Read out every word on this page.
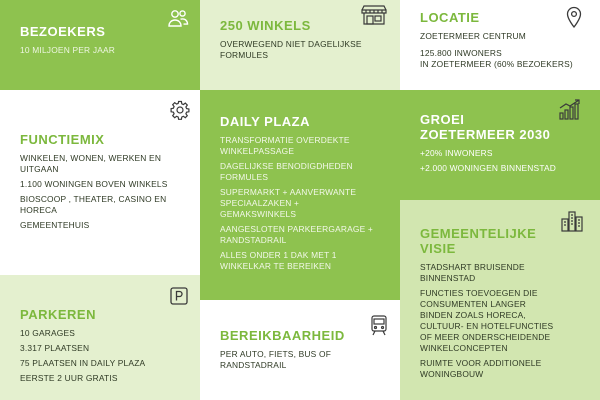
BEZOEKERS
10 MILJOEN PER JAAR
250 WINKELS
OVERWEGEND NIET DAGELIJKSE
FORMULES
LOCATIE
ZOETERMEER CENTRUM
125.800 INWONERS
IN ZOETERMEER (60% BEZOEKERS)
FUNCTIEMIX
WINKELEN, WONEN, WERKEN EN
UITGAAN
1.100 WONINGEN BOVEN WINKELS
BIOSCOOP , THEATER, CASINO EN
HORECA
GEMEENTEHUIS
DAILY PLAZA
TRANSFORMATIE OVERDEKTE
WINKELPASSAGE
DAGELIJKSE BENODIGDHEDEN
FORMULES
SUPERMARKT + AANVERWANTE
SPECIAALZAKEN +
GEMAKSWINKELS
AANGESLOTEN PARKEERGARAGE +
RANDSTADRAIL
ALLES ONDER 1 DAK MET 1
WINKELKAR TE BEREIKEN
GROEI
ZOETERMEER 2030
+20% INWONERS
+2.000 WONINGEN BINNENSTAD
GEMEENTELIJKE
VISIE
STADSHART BRUISENDE
BINNENSTAD
FUNCTIES TOEVOEGEN DIE
CONSUMENTEN LANGER
BINDEN ZOALS HORECA,
CULTUUR- EN HOTELFUNCTIES
OF MEER ONDERSCHEIDENDE
WINKELCONCEPTEN
RUIMTE VOOR ADDITIONELE
WONINGBOUW
PARKEREN
10 GARAGES
3.317 PLAATSEN
75 PLAATSEN IN DAILY PLAZA
EERSTE 2 UUR GRATIS
BEREIKBAARHEID
PER AUTO, FIETS, BUS OF
RANDSTADRAIL
